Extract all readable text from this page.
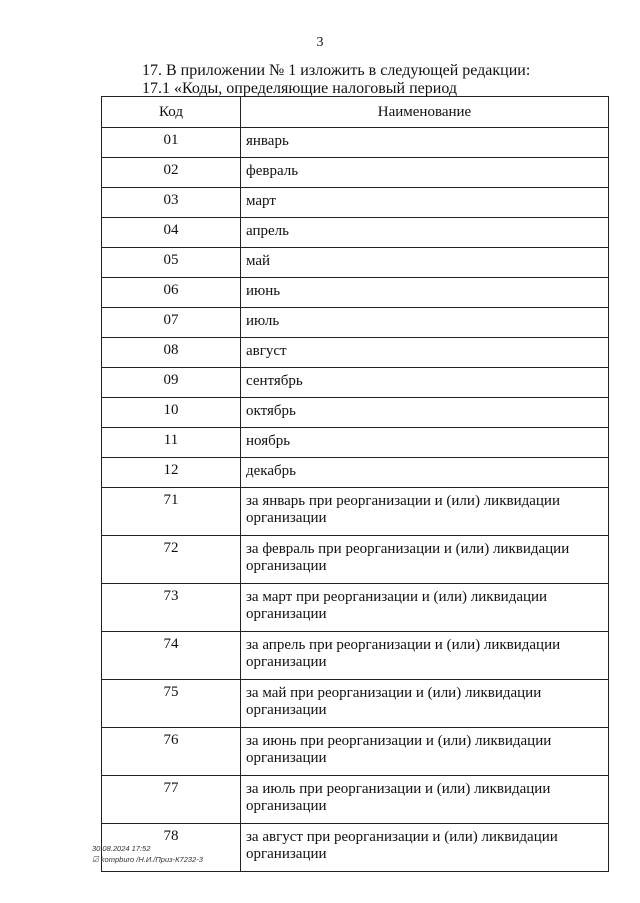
3
17. В приложении № 1 изложить в следующей редакции:
17.1 «Коды, определяющие налоговый период
Код	Наименование
01	январь
02	февраль
03	март
04	апрель
05	май
06	июнь
07	июль
08	август
09	сентябрь
10	октябрь
11	ноябрь
12	декабрь
71	за январь при реорганизации и (или) ликвидации организации
72	за февраль при реорганизации и (или) ликвидации организации
73	за март при реорганизации и (или) ликвидации организации
74	за апрель при реорганизации и (или) ликвидации организации
75	за май при реорганизации и (или) ликвидации организации
76	за июнь при реорганизации и (или) ликвидации организации
77	за июль при реорганизации и (или) ликвидации организации
78	за август при реорганизации и (или) ликвидации организации
30.08.2024 17:52
☑ kompburo /Н.И./Приз-К7232-3
